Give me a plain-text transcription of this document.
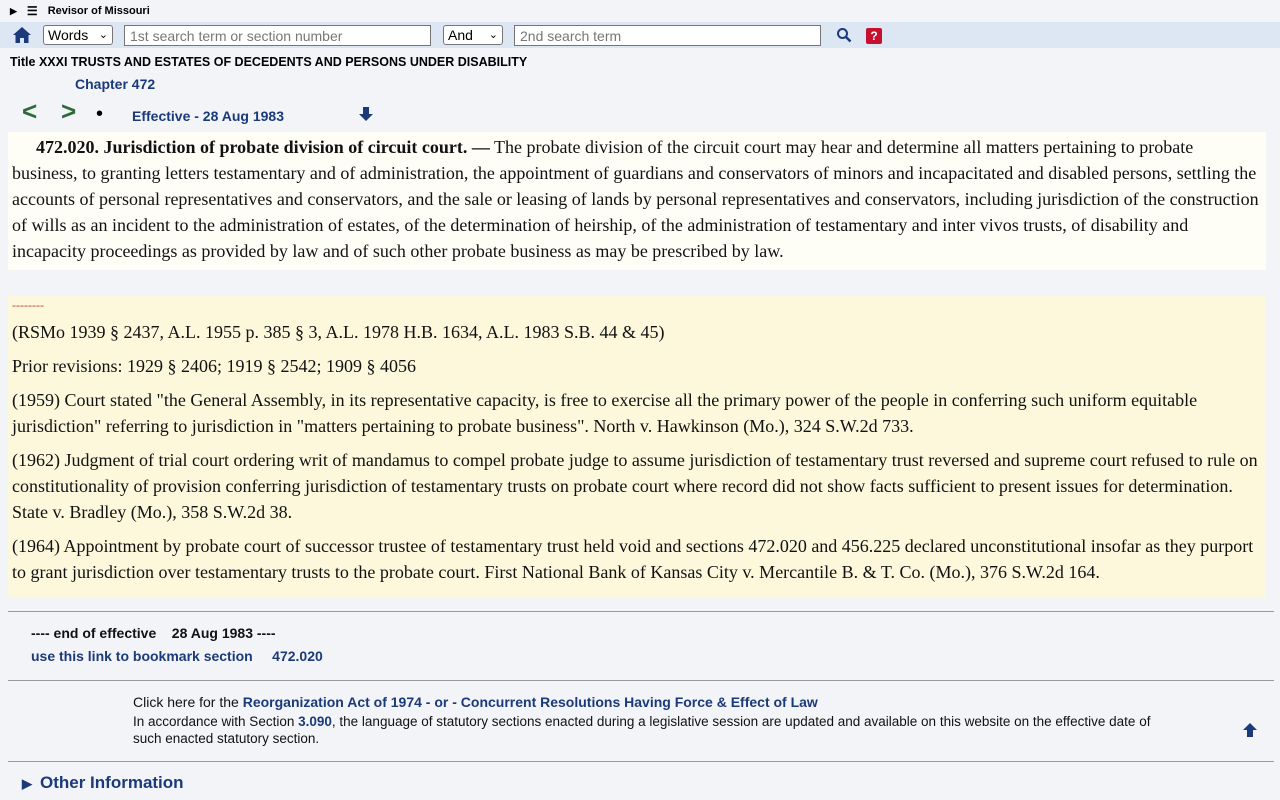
▶ ☰ Revisor of Missouri
Words ⌄ 1st search term or section number	And ⌄ 2nd search term	?
Title XXXI TRUSTS AND ESTATES OF DECEDENTS AND PERSONS UNDER DISABILITY
Chapter 472
< > • Effective - 28 Aug 1983
472.020. Jurisdiction of probate division of circuit court. — The probate division of the circuit court may hear and determine all matters pertaining to probate business, to granting letters testamentary and of administration, the appointment of guardians and conservators of minors and incapacitated and disabled persons, settling the accounts of personal representatives and conservators, and the sale or leasing of lands by personal representatives and conservators, including jurisdiction of the construction of wills as an incident to the administration of estates, of the determination of heirship, of the administration of testamentary and inter vivos trusts, of disability and incapacity proceedings as provided by law and of such other probate business as may be prescribed by law.
--------

(RSMo 1939 § 2437, A.L. 1955 p. 385 § 3, A.L. 1978 H.B. 1634, A.L. 1983 S.B. 44 & 45)

Prior revisions: 1929 § 2406; 1919 § 2542; 1909 § 4056

(1959) Court stated "the General Assembly, in its representative capacity, is free to exercise all the primary power of the people in conferring such uniform equitable jurisdiction" referring to jurisdiction in "matters pertaining to probate business". North v. Hawkinson (Mo.), 324 S.W.2d 733.

(1962) Judgment of trial court ordering writ of mandamus to compel probate judge to assume jurisdiction of testamentary trust reversed and supreme court refused to rule on constitutionality of provision conferring jurisdiction of testamentary trusts on probate court where record did not show facts sufficient to present issues for determination. State v. Bradley (Mo.), 358 S.W.2d 38.

(1964) Appointment by probate court of successor trustee of testamentary trust held void and sections 472.020 and 456.225 declared unconstitutional insofar as they purport to grant jurisdiction over testamentary trusts to the probate court. First National Bank of Kansas City v. Mercantile B. & T. Co. (Mo.), 376 S.W.2d 164.

---- end of effective    28 Aug 1983 ----
use this link to bookmark section     472.020
Click here for the Reorganization Act of 1974 - or - Concurrent Resolutions Having Force & Effect of Law
In accordance with Section 3.090, the language of statutory sections enacted during a legislative session are updated and available on this website on the effective date of such enacted statutory section.
▶ Other Information
